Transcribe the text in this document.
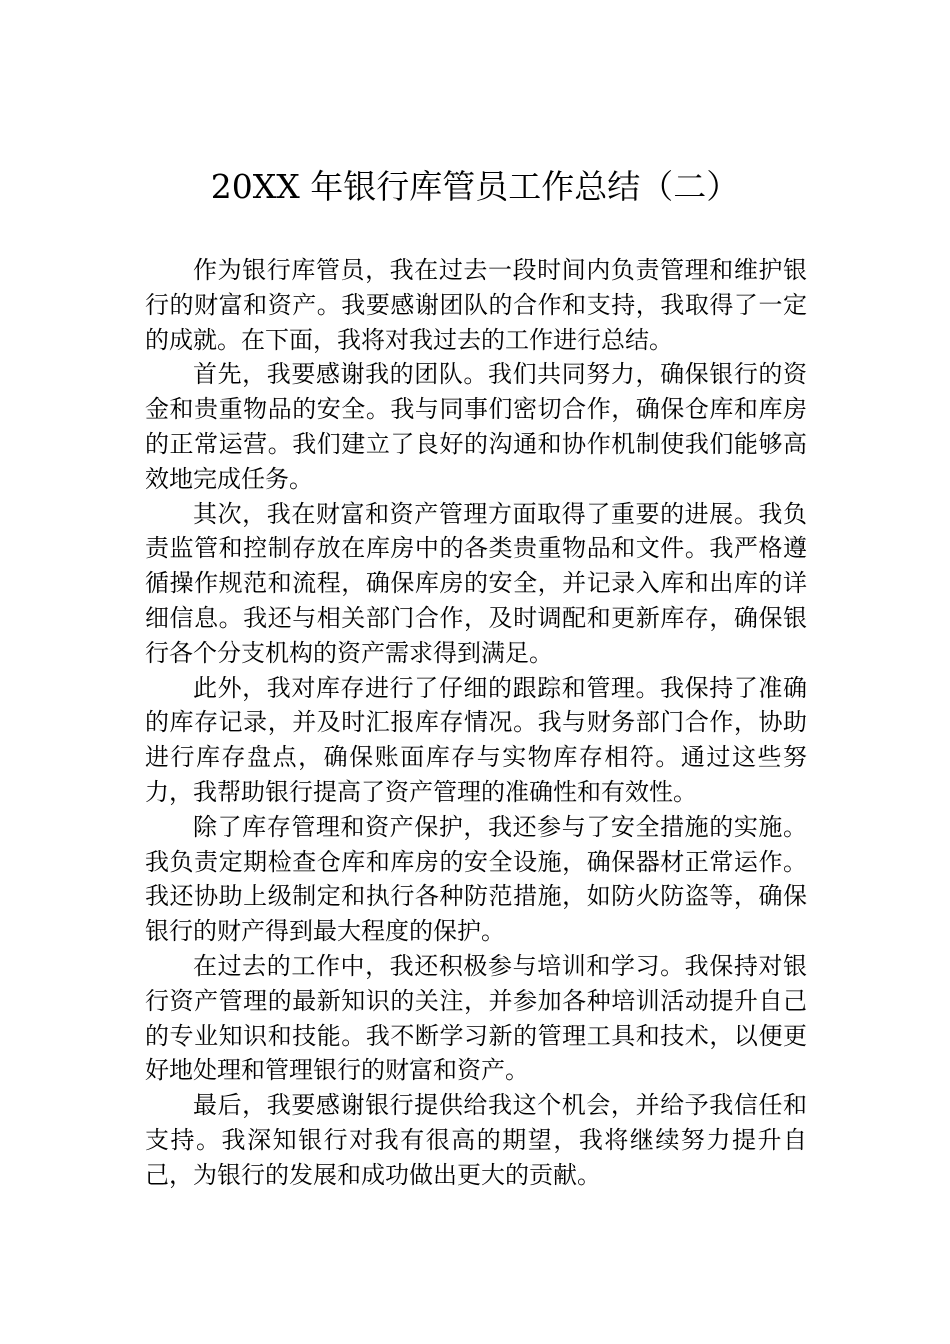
20XX 年银行库管员工作总结（二）

作为银行库管员，我在过去一段时间内负责管理和维护银行的财富和资产。我要感谢团队的合作和支持，我取得了一定的成就。在下面，我将对我过去的工作进行总结。

首先，我要感谢我的团队。我们共同努力，确保银行的资金和贵重物品的安全。我与同事们密切合作，确保仓库和库房的正常运营。我们建立了良好的沟通和协作机制使我们能够高效地完成任务。

其次，我在财富和资产管理方面取得了重要的进展。我负责监管和控制存放在库房中的各类贵重物品和文件。我严格遵循操作规范和流程，确保库房的安全，并记录入库和出库的详细信息。我还与相关部门合作，及时调配和更新库存，确保银行各个分支机构的资产需求得到满足。

此外，我对库存进行了仔细的跟踪和管理。我保持了准确的库存记录，并及时汇报库存情况。我与财务部门合作，协助进行库存盘点，确保账面库存与实物库存相符。通过这些努力，我帮助银行提高了资产管理的准确性和有效性。

除了库存管理和资产保护，我还参与了安全措施的实施。我负责定期检查仓库和库房的安全设施，确保器材正常运作。我还协助上级制定和执行各种防范措施，如防火防盗等，确保银行的财产得到最大程度的保护。

在过去的工作中，我还积极参与培训和学习。我保持对银行资产管理的最新知识的关注，并参加各种培训活动提升自己的专业知识和技能。我不断学习新的管理工具和技术，以便更好地处理和管理银行的财富和资产。

最后，我要感谢银行提供给我这个机会，并给予我信任和支持。我深知银行对我有很高的期望，我将继续努力提升自己，为银行的发展和成功做出更大的贡献。
